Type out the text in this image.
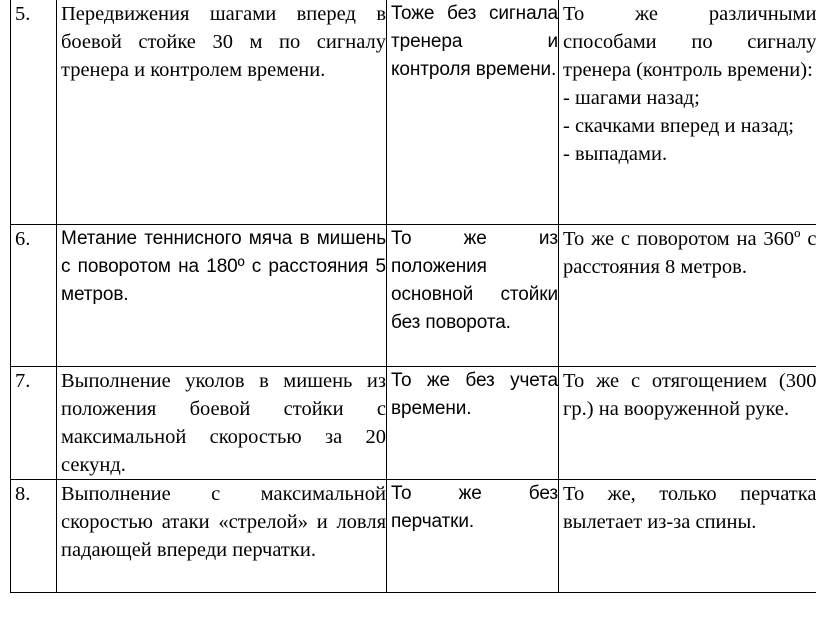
5.	Передвижения шагами вперед в боевой стойке 30 м по сигналу тренера и контролем времени.	Тоже без сигнала тренера и контроля времени.	То же различными способами по сигналу тренера (контроль времени):
- шагами назад;
- скачками вперед и назад;
- выпадами.

6.	Метание теннисного мяча в мишень с поворотом на 180º с расстояния 5 метров.	То же из положения основной стойки без поворота.	То же с поворотом на 360º с расстояния 8 метров.

7.	Выполнение уколов в мишень из положения боевой стойки с максимальной скоростью за 20 секунд.	То же без учета времени.	То же с отягощением (300 гр.) на вооруженной руке.

8.	Выполнение с максимальной скоростью атаки «стрелой» и ловля падающей впереди перчатки.	То же без перчатки.	То же, только перчатка вылетает из-за спины.
